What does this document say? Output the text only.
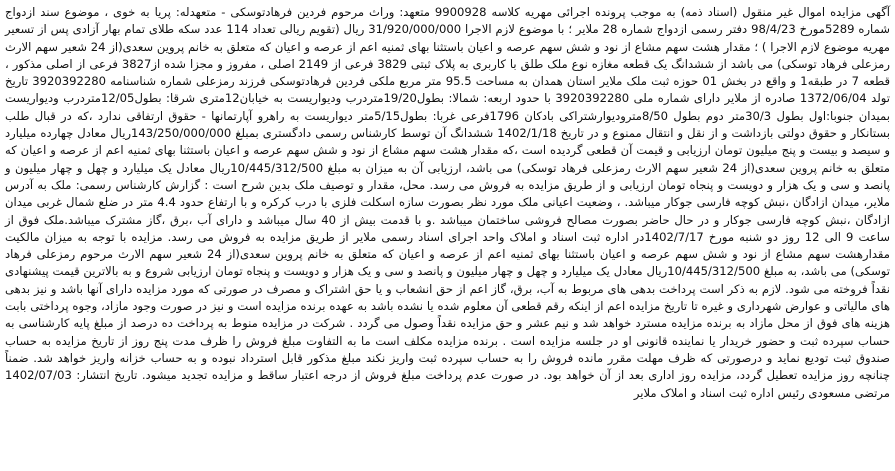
آگهی مزایده اموال غیر منقول (اسناد ذمه) به موجب پرونده اجرائی مهریه کلاسه 9900928 متعهد: وراث مرحوم فردین فرهادتوسکی - متعهدله: پریا به خوی ، موضوع سند ازدواج شماره 5289مورخ 98/4/23 دفتر رسمی ازدواج شماره 28 ملایر ؛ با موضوع لازم الاجرا 31/920/000/000 ریال (تقویم ریالی تعداد 114 عدد سکه طلای تمام بهار آزادی پس از تسعیر مهریه موضوع لازم الاجرا ) ؛ مقدار هشت سهم مشاع از نود و شش سهم عرصه و اعیان باستثنا بهای ثمنیه اعم از عرصه و اعیان که متعلق به خانم پروین سعدی(از 24 شعیر سهم الارث رمزعلی فرهاد توسکی) می باشد از ششدانگ یک قطعه مغازه نوع ملک طلق با کاربری به پلاک ثبتی 3829 فرعی از 2149 اصلی ، مفروز و مجزا شده از3827 فرعی از اصلی مذکور ، قطعه 7 در طبقه1 و واقع در بخش 01 حوزه ثبت ملک ملایر استان همدان به مساحت 95.5 متر مربع ملکی فردین فرهادتوسکی فرزند رمزعلی شماره شناسنامه 3920392280 تاریخ تولد 1372/06/04 صادره از ملایر دارای شماره ملی 3920392280 با حدود اربعه: شمالا: بطول19/20متردرب ودیواریست به خیابان12متری شرقا: بطول12/05متردرب ودیواریست بمیدان جنوبا:اول بطول 30/3متر دوم بطول 8/50مترودیوارشتراکی بادکان 1796فرعی غربا: بطول5/15متر دیواریست به راهرو آپارتمانها - حقوق ارتفاقی ندارد ،که در قبال طلب بستانکار و حقوق دولتی بازداشت و از نقل و انتقال ممنوع و در تاریخ 1402/1/18 ششدانگ آن توسط کارشناس رسمی دادگستری بمبلغ 143/250/000/000ریال معادل چهارده میلیارد و سیصد و بیست و پنج میلیون تومان ارزیابی و قیمت آن قطعی گردیده است ،که مقدار هشت سهم مشاع از نود و شش سهم عرصه و اعیان باستثنا بهای ثمنیه اعم از عرصه و اعیان که متعلق به خانم پروین سعدی(از 24 شعیر سهم الارث رمزعلی فرهاد توسکی) می باشد، ارزیابی آن به میزان به مبلغ 10/445/312/500ریال معادل یک میلیارد و چهل و چهار میلیون و پانصد و سی و یک هزار و دویست و پنجاه تومان ارزیابی و از طریق مزایده به فروش می رسد. محل، مقدار و توصیف ملک بدین شرح است : گزارش کارشناس رسمی: ملک به آدرس ملایر، میدان ازادگان ،نبش کوچه فارسی جوکار میباشد. ، وضعیت اعیانی ملک مورد نظر بصورت سازه اسکلت فلزی با درب کرکره و با ارتفاع حدود 4.4 متر در ضلع شمال غربی میدان ازادگان ،نبش کوچه فارسی جوکار و در حال حاضر بصورت مصالح فروشی ساختمان میباشد .و با قدمت بیش از 40 سال میباشد و دارای آب ،برق ،گاز مشترک میباشد.ملک فوق از ساعت 9 الی 12 روز دو شنبه مورخ 1402/7/17در اداره ثبت اسناد و املاک واحد اجرای اسناد رسمی ملایر از طریق مزایده به فروش می رسد. مزایده با توجه به میزان مالکیت مقدارهشت سهم مشاع از نود و شش سهم عرصه و اعیان باستثنا بهای ثمنیه اعم از عرصه و اعیان که متعلق به خانم پروین سعدی(از 24 شعیر سهم الارث مرحوم رمزعلی فرهاد توسکی) می باشد، به مبلغ 10/445/312/500ریال معادل یک میلیارد و چهل و چهار میلیون و پانصد و سی و یک هزار و دویست و پنجاه تومان ارزیابی شروع و به بالاترین قیمت پیشنهادی نقداً فروخته می شود. لازم به ذکر است پرداخت بدهی های مربوط به آب، برق، گاز اعم از حق انشعاب و یا حق اشتراک و مصرف در صورتی که مورد مزایده دارای آنها باشد و نیز بدهی های مالیاتی و عوارض شهرداری و غیره تا تاریخ مزایده اعم از اینکه رقم قطعی آن معلوم شده یا نشده باشد به عهده برنده مزایده است و نیز در صورت وجود مازاد، وجوه پرداختی بابت هزینه های فوق از محل مازاد به برنده مزایده مسترد خواهد شد و نیم عشر و حق مزایده نقداً وصول می گردد . شرکت در مزایده منوط به پرداخت ده درصد از مبلغ پایه کارشناسی به حساب سپرده ثبت و حضور خریدار یا نماینده قانونی او در جلسه مزایده است . برنده مزایده مکلف است ما به التفاوت مبلغ فروش را ظرف مدت پنج روز از تاریخ مزایده به حساب صندوق ثبت تودیع نماید و درصورتی که ظرف مهلت مقرر مانده فروش را به حساب سپرده ثبت واریز نکند مبلغ مذکور قابل استرداد نبوده و به حساب خزانه واریز خواهد شد. ضمناً چنانچه روز مزایده تعطیل گردد، مزایده روز اداری بعد از آن خواهد بود. در صورت عدم پرداخت مبلغ فروش از درجه اعتبار ساقط و مزایده تجدید میشود. تاریخ انتشار: 1402/07/03 مرتضی مسعودی رئیس اداره ثبت اسناد و املاک ملایر
